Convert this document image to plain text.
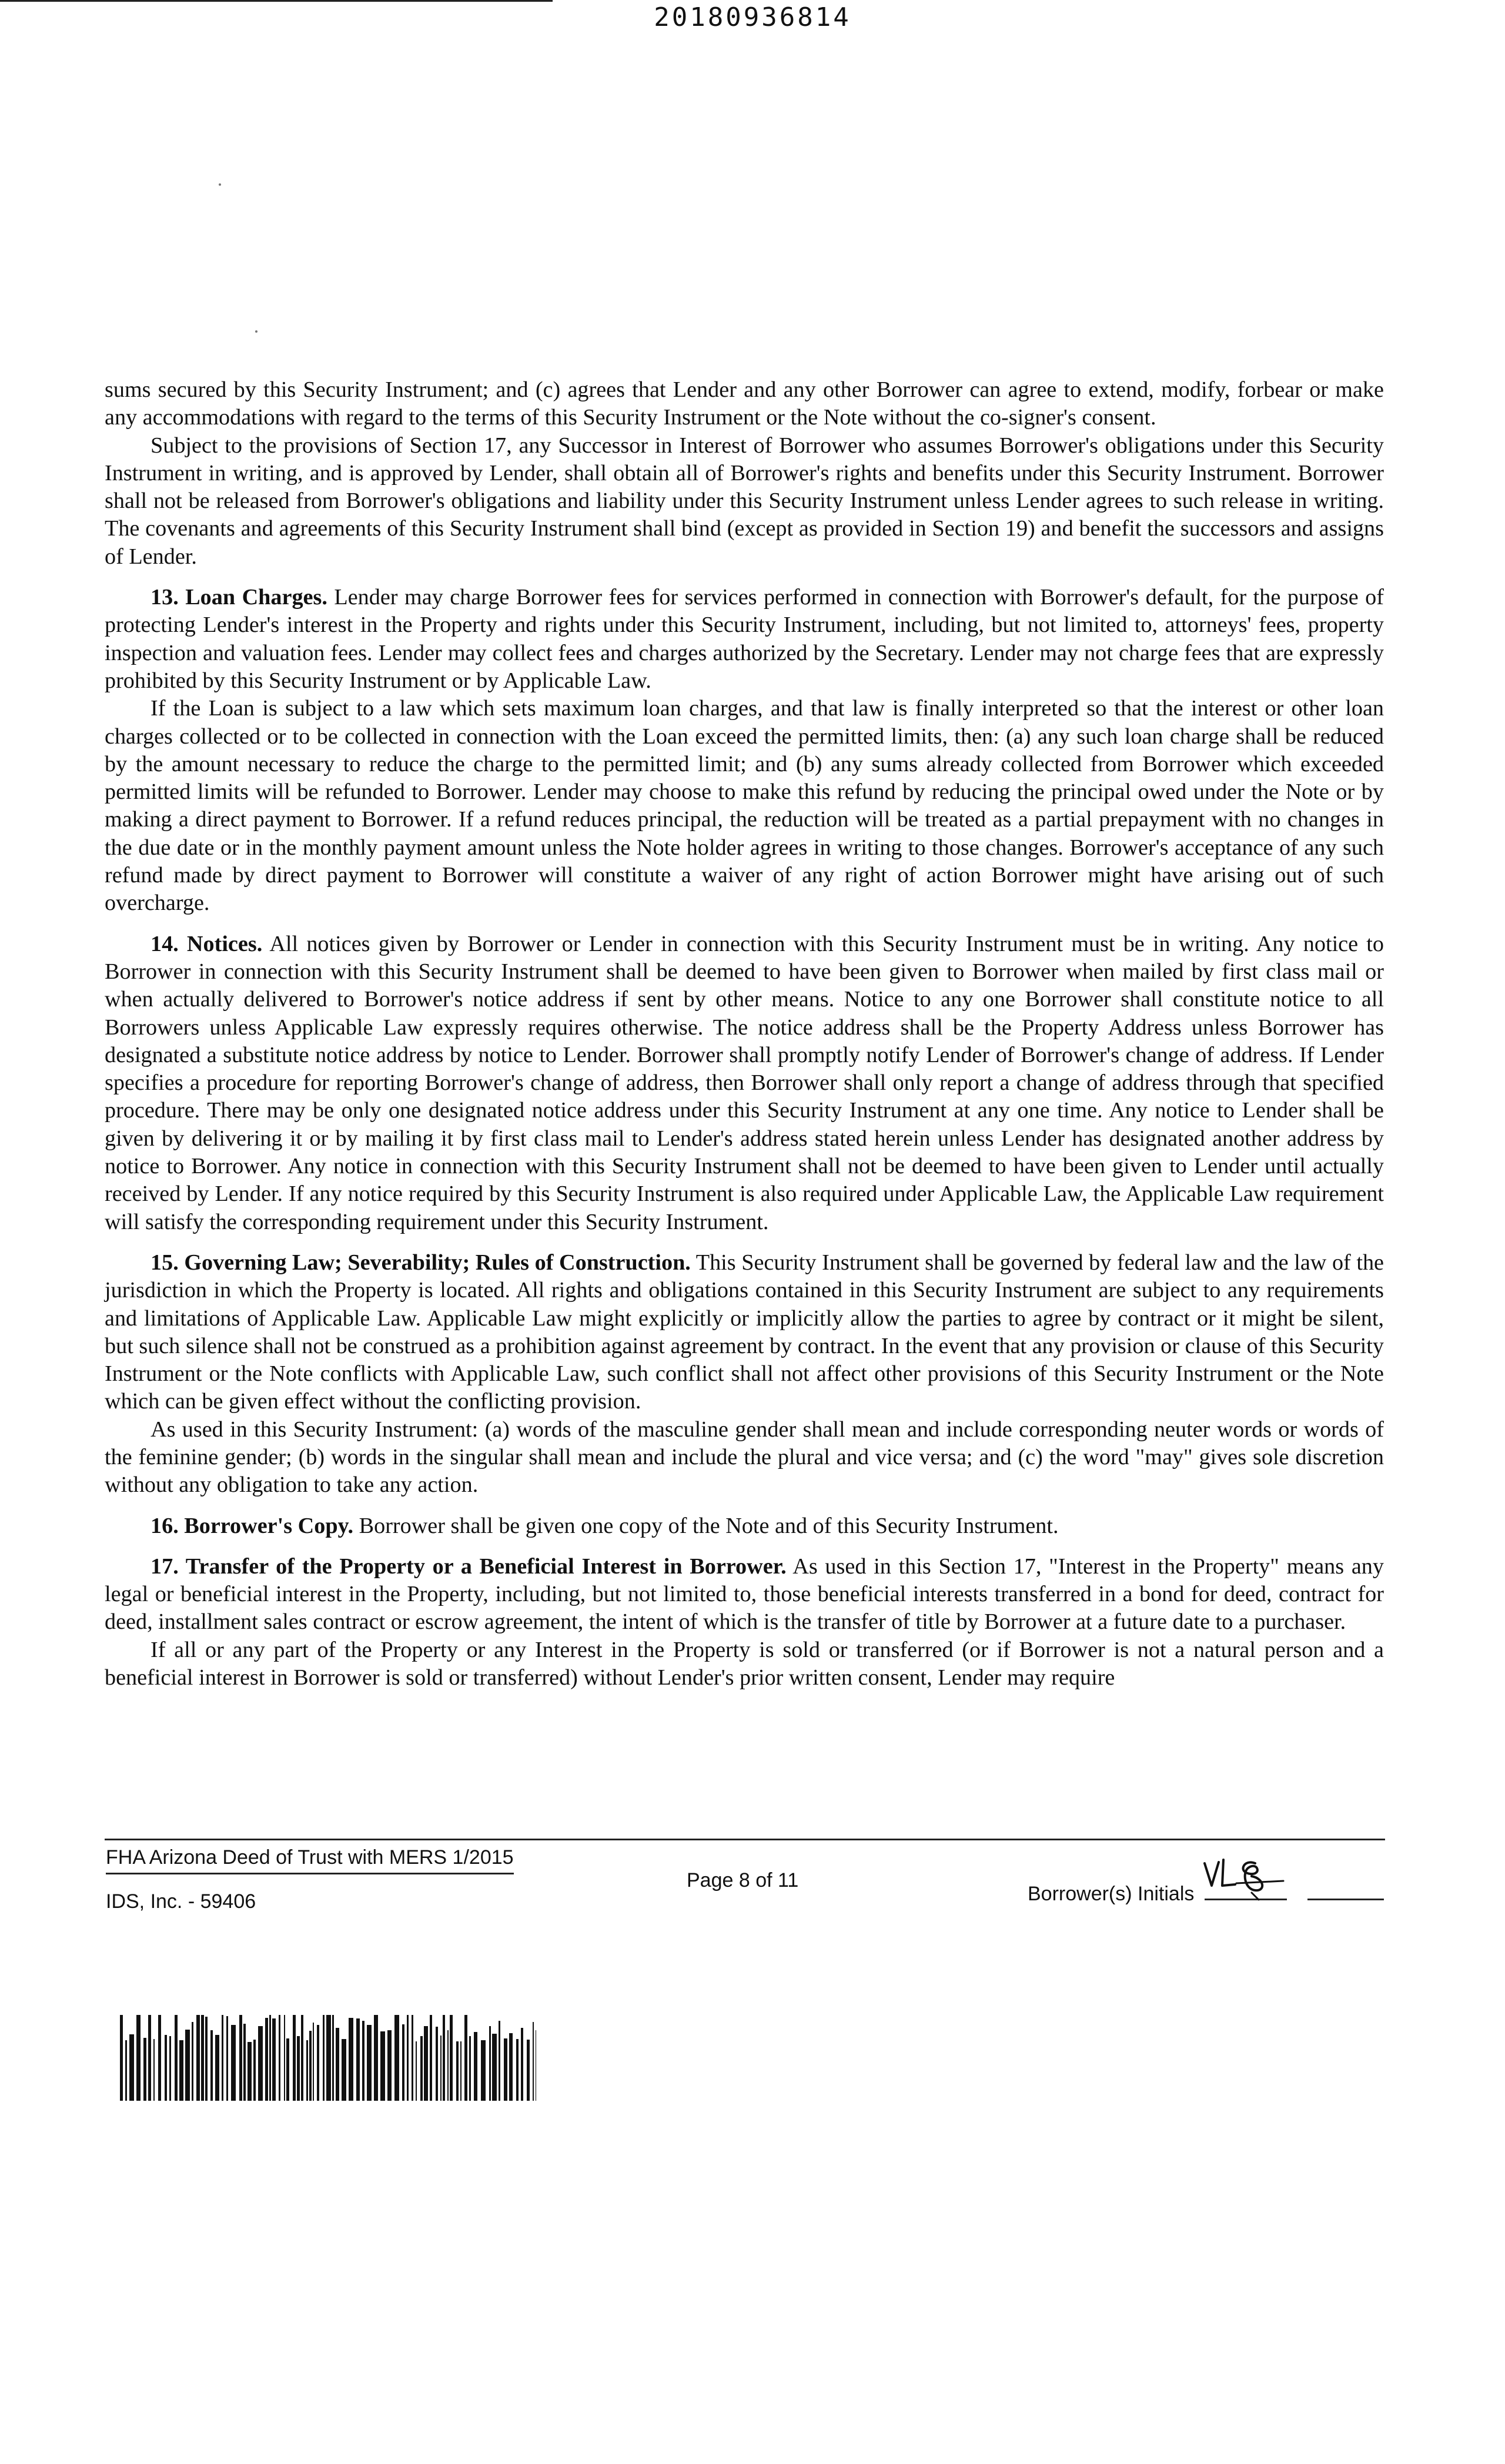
20180936814

sums secured by this Security Instrument; and (c) agrees that Lender and any other Borrower can agree to extend, modify, forbear or make any accommodations with regard to the terms of this Security Instrument or the Note without the co-signer's consent.

Subject to the provisions of Section 17, any Successor in Interest of Borrower who assumes Borrower's obligations under this Security Instrument in writing, and is approved by Lender, shall obtain all of Borrower's rights and benefits under this Security Instrument. Borrower shall not be released from Borrower's obligations and liability under this Security Instrument unless Lender agrees to such release in writing. The covenants and agreements of this Security Instrument shall bind (except as provided in Section 19) and benefit the successors and assigns of Lender.

13. Loan Charges. Lender may charge Borrower fees for services performed in connection with Borrower's default, for the purpose of protecting Lender's interest in the Property and rights under this Security Instrument, including, but not limited to, attorneys' fees, property inspection and valuation fees. Lender may collect fees and charges authorized by the Secretary. Lender may not charge fees that are expressly prohibited by this Security Instrument or by Applicable Law.

If the Loan is subject to a law which sets maximum loan charges, and that law is finally interpreted so that the interest or other loan charges collected or to be collected in connection with the Loan exceed the permitted limits, then: (a) any such loan charge shall be reduced by the amount necessary to reduce the charge to the permitted limit; and (b) any sums already collected from Borrower which exceeded permitted limits will be refunded to Borrower. Lender may choose to make this refund by reducing the principal owed under the Note or by making a direct payment to Borrower. If a refund reduces principal, the reduction will be treated as a partial prepayment with no changes in the due date or in the monthly payment amount unless the Note holder agrees in writing to those changes. Borrower's acceptance of any such refund made by direct payment to Borrower will constitute a waiver of any right of action Borrower might have arising out of such overcharge.

14. Notices. All notices given by Borrower or Lender in connection with this Security Instrument must be in writing. Any notice to Borrower in connection with this Security Instrument shall be deemed to have been given to Borrower when mailed by first class mail or when actually delivered to Borrower's notice address if sent by other means. Notice to any one Borrower shall constitute notice to all Borrowers unless Applicable Law expressly requires otherwise. The notice address shall be the Property Address unless Borrower has designated a substitute notice address by notice to Lender. Borrower shall promptly notify Lender of Borrower's change of address. If Lender specifies a procedure for reporting Borrower's change of address, then Borrower shall only report a change of address through that specified procedure. There may be only one designated notice address under this Security Instrument at any one time. Any notice to Lender shall be given by delivering it or by mailing it by first class mail to Lender's address stated herein unless Lender has designated another address by notice to Borrower. Any notice in connection with this Security Instrument shall not be deemed to have been given to Lender until actually received by Lender. If any notice required by this Security Instrument is also required under Applicable Law, the Applicable Law requirement will satisfy the corresponding requirement under this Security Instrument.

15. Governing Law; Severability; Rules of Construction. This Security Instrument shall be governed by federal law and the law of the jurisdiction in which the Property is located. All rights and obligations contained in this Security Instrument are subject to any requirements and limitations of Applicable Law. Applicable Law might explicitly or implicitly allow the parties to agree by contract or it might be silent, but such silence shall not be construed as a prohibition against agreement by contract. In the event that any provision or clause of this Security Instrument or the Note conflicts with Applicable Law, such conflict shall not affect other provisions of this Security Instrument or the Note which can be given effect without the conflicting provision.

As used in this Security Instrument: (a) words of the masculine gender shall mean and include corresponding neuter words or words of the feminine gender; (b) words in the singular shall mean and include the plural and vice versa; and (c) the word "may" gives sole discretion without any obligation to take any action.

16. Borrower's Copy. Borrower shall be given one copy of the Note and of this Security Instrument.

17. Transfer of the Property or a Beneficial Interest in Borrower. As used in this Section 17, "Interest in the Property" means any legal or beneficial interest in the Property, including, but not limited to, those beneficial interests transferred in a bond for deed, contract for deed, installment sales contract or escrow agreement, the intent of which is the transfer of title by Borrower at a future date to a purchaser.

If all or any part of the Property or any Interest in the Property is sold or transferred (or if Borrower is not a natural person and a beneficial interest in Borrower is sold or transferred) without Lender's prior written consent, Lender may require

FHA Arizona Deed of Trust with MERS 1/2015
IDS, Inc. - 59406
Page 8 of 11
Borrower(s) Initials
